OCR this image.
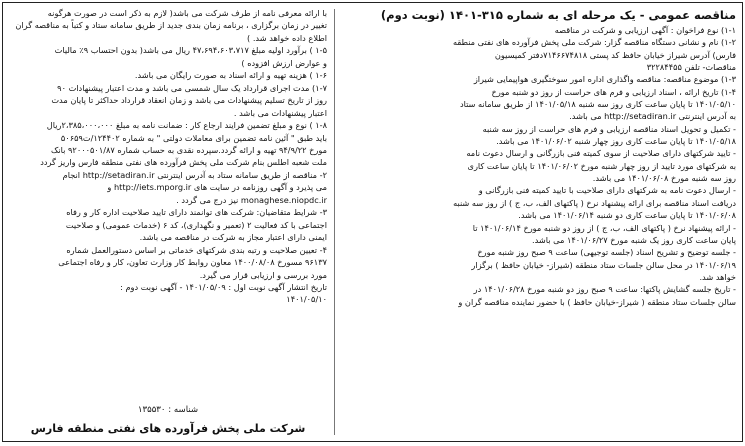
مناقصه عمومی - یک مرحله ای به شماره ۳۱۵-۱۴۰۱ (نوبت دوم)
۱-۱) نوع فراخوان : آگهی ارزیابی و شرکت در مناقصه
۱-۲) نام و نشانی دستگاه مناقصه گزار: شرکت ملی پخش فرآورده های نفتی منطقه
فارس) آدرس شیراز خیابان حافظ کد پستی ۷۱۴۶۶۷۴۸۱۸دفتر کمیسیون
مناقصات- تلفن ۳۲۲۸۴۴۵۵
۱-۳) موضوع مناقصه: مناقصه واگذاری اداره امور سوختگیری هواپیمایی شیراز
۱-۴) تاریخ ارائه ، اسناد ارزیابی و فرم های حراست از روز دو شنبه مورخ
۱۴۰۱/۰۵/۱۰ تا پایان ساعت کاری روز سه شنبه ۱۴۰۱/۰۵/۱۸ از طریق سامانه ستاد
به آدرس اینترنتی http://setadiran.ir می باشد.
- تکمیل و تحویل اسناد مناقصه ارزیابی و فرم های حراست از روز سه شنبه
۱۴۰۱/۰۵/۱۸ تا پایان ساعت کاری روز چهار شنبه ۱۴۰۱/۰۶/۰۲ می باشد.
- تایید شرکتهای دارای صلاحیت از سوی کمیته فنی بازرگانی و ارسال دعوت نامه
به شرکتهای مورد تایید از روز چهار شنبه مورخ ۱۴۰۱/۰۶/۰۲ تا پایان ساعت کاری
روز سه شنبه مورخ ۱۴۰۱/۰۶/۰۸ می باشد.
- ارسال دعوت نامه به شرکتهای دارای صلاحیت با تایید کمیته فنی بازرگانی و
دریافت اسناد مناقصه برای ارائه پیشنهاد نرخ ( پاکتهای الف، ب، ج ) از روز سه شنبه
۱۴۰۱/۰۶/۰۸ تا پایان ساعت کاری دو شنبه ۱۴۰۱/۰۶/۱۴ می باشد.
- ارائه پیشنهاد نرخ ( پاکتهای الف، ب، ج ) از روز دو شنبه مورخ ۱۴۰۱/۰۶/۱۴ تا
پایان ساعت کاری روز یک شنبه مورخ ۱۴۰۱/۰۶/۲۷ می باشد.
- جلسه توضیح و تشریح اسناد (جلسه توجیهی) ساعت ۹ صبح روز شنبه مورخ
۱۴۰۱/۰۶/۱۹ در محل سالن جلسات ستاد منطقه (شیراز- خیابان حافظ ) برگزار
خواهد شد.
- تاریخ جلسه گشایش پاکتها: ساعت ۹ صبح روز دو شنبه مورخ ۱۴۰۱/۰۶/۲۸ در
سالن جلسات ستاد منطقه ( شیراز-خیابان حافظ ) با حضور نماینده مناقصه گران و
با ارائه معرفی نامه از طرف شرکت می باشد( لازم به ذکر است در صورت هرگونه
تغییر در زمان برگزاری ، برنامه زمان بندی جدید از طریق سامانه ستاد و کتباً به مناقصه گران
اطلاع داده خواهد شد. )
۱-۵ ) برآورد اولیه مبلغ ۴۷،۶۹۴،۶۰۳،۷۱۷ ریال می باشد( بدون احتساب ۹٪ مالیات
و عوارض ارزش افزوده )
۱-۶ ) هزینه تهیه و ارائه اسناد به صورت رایگان می باشد.
۱-۷) مدت اجرای قرارداد یک سال شمسی می باشد و مدت اعتبار پیشنهادات ۹۰
روز از تاریخ تسلیم پیشنهادات می باشد و زمان انعقاد قرارداد حداکثر تا پایان مدت
اعتبار پیشنهادات می باشد .
۱-۸ ) نوع و مبلغ تضمین فرایند ارجاع کار : ضمانت نامه به مبلغ ۲،۳۸۵،۰۰۰،۰۰۰ریال
باید طبق " آئین نامه تضمین برای معاملات دولتی " به شماره ۱۲۴۴۰۲/ت۵۰۶۵۹
مورخ ۹۴/۹/۲۲ تهیه و ارائه گردد.سپرده نقدی به حساب شماره ۹۲۰۰۰۵۰۱/۸۷ بانک
ملت شعبه اطلس بنام شرکت ملی پخش فرآورده های نفتی منطقه فارس واریز گردد
۲- مناقصه از طریق سامانه ستاد به آدرس اینترنتی http://setadiran.ir انجام
می پذیرد و آگهی روزنامه در سایت های http://iets.mporg.ir و
monaghese.niopdc.ir نیز درج می گردد .
۳- شرایط متقاضیان: شرکت های توانمند دارای تایید صلاحیت اداره کار و رفاه
اجتماعی با کد فعالیت ۲ (تعمیر و نگهداری)، کد ۶ (خدمات عمومی) و صلاحیت
ایمنی دارای اعتبار مجاز به شرکت در مناقصه می باشد.
۴- تعیین صلاحیت و رتبه بندی شرکتهای خدماتی بر اساس دستورالعمل شماره
۹۶۱۳۷ مسورخ ۱۴۰۰/۰۸/۰۸ معاون روابط کار وزارت تعاون، کار و رفاه اجتماعی
مورد بررسی و ارزیابی قرار می گیرد.
تاریخ انتشار آگهی نوبت اول : ۱۴۰۱/۰۵/۰۹ - آگهی نوبت دوم :
۱۴۰۱/۰۵/۱۰
شناسه : ۱۳۵۵۳۰
شرکت ملی پخش فرآورده های نفتی منطقه فارس
